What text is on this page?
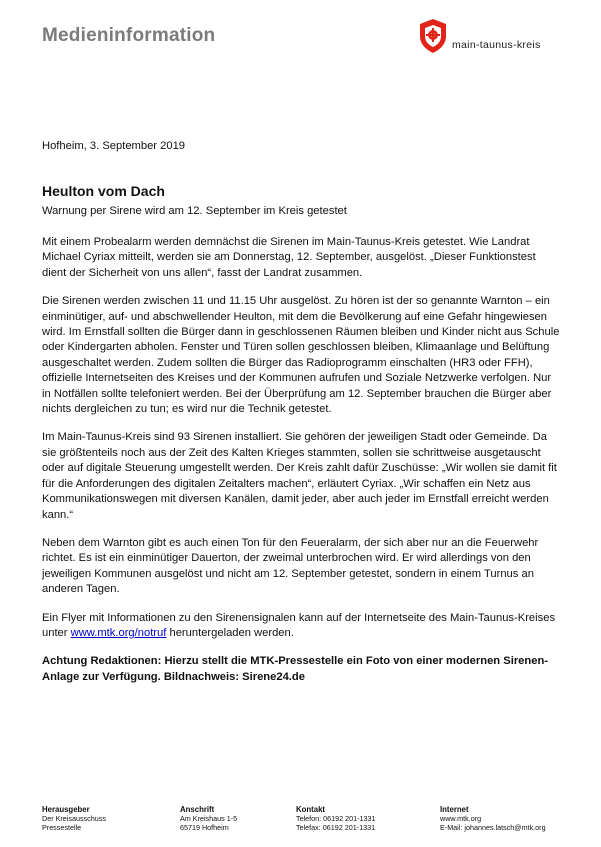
Medieninformation	main-taunus-kreis
Hofheim, 3. September 2019
Heulton vom Dach
Warnung per Sirene wird am 12. September im Kreis getestet

Mit einem Probealarm werden demnächst die Sirenen im Main-Taunus-Kreis getestet. Wie Landrat Michael Cyriax mitteilt, werden sie am Donnerstag, 12. September, ausgelöst. „Dieser Funktionstest dient der Sicherheit von uns allen“, fasst der Landrat zusammen.

Die Sirenen werden zwischen 11 und 11.15 Uhr ausgelöst. Zu hören ist der so genannte Warnton – ein einminütiger, auf- und abschwellender Heulton, mit dem die Bevölkerung auf eine Gefahr hingewiesen wird. Im Ernstfall sollten die Bürger dann in geschlossenen Räumen bleiben und Kinder nicht aus Schule oder Kindergarten abholen. Fenster und Türen sollen geschlossen bleiben, Klimaanlage und Belüftung ausgeschaltet werden. Zudem sollten die Bürger das Radioprogramm einschalten (HR3 oder FFH), offizielle Internetseiten des Kreises und der Kommunen aufrufen und Soziale Netzwerke verfolgen. Nur in Notfällen sollte telefoniert werden. Bei der Überprüfung am 12. September brauchen die Bürger aber nichts dergleichen zu tun; es wird nur die Technik getestet.

Im Main-Taunus-Kreis sind 93 Sirenen installiert. Sie gehören der jeweiligen Stadt oder Gemeinde. Da sie größtenteils noch aus der Zeit des Kalten Krieges stammten, sollen sie schrittweise ausgetauscht oder auf digitale Steuerung umgestellt werden. Der Kreis zahlt dafür Zuschüsse: „Wir wollen sie damit fit für die Anforderungen des digitalen Zeitalters machen“, erläutert Cyriax. „Wir schaffen ein Netz aus Kommunikationswegen mit diversen Kanälen, damit jeder, aber auch jeder im Ernstfall erreicht werden kann.“

Neben dem Warnton gibt es auch einen Ton für den Feueralarm, der sich aber nur an die Feuerwehr richtet. Es ist ein einminütiger Dauerton, der zweimal unterbrochen wird. Er wird allerdings von den jeweiligen Kommunen ausgelöst und nicht am 12. September getestet, sondern in einem Turnus an anderen Tagen.

Ein Flyer mit Informationen zu den Sirenensignalen kann auf der Internetseite des Main-Taunus-Kreises unter www.mtk.org/notruf heruntergeladen werden.

Achtung Redaktionen: Hierzu stellt die MTK-Pressestelle ein Foto von einer modernen Sirenen-Anlage zur Verfügung. Bildnachweis: Sirene24.de

Herausgeber
Der Kreisausschuss
Pressestelle
Anschrift
Am Kreishaus 1-5
65719 Hofheim
Kontakt
Telefon: 06192 201-1331
Telefax: 06192 201-1331
Internet
www.mtk.org
E-Mail: johannes.latsch@mtk.org
